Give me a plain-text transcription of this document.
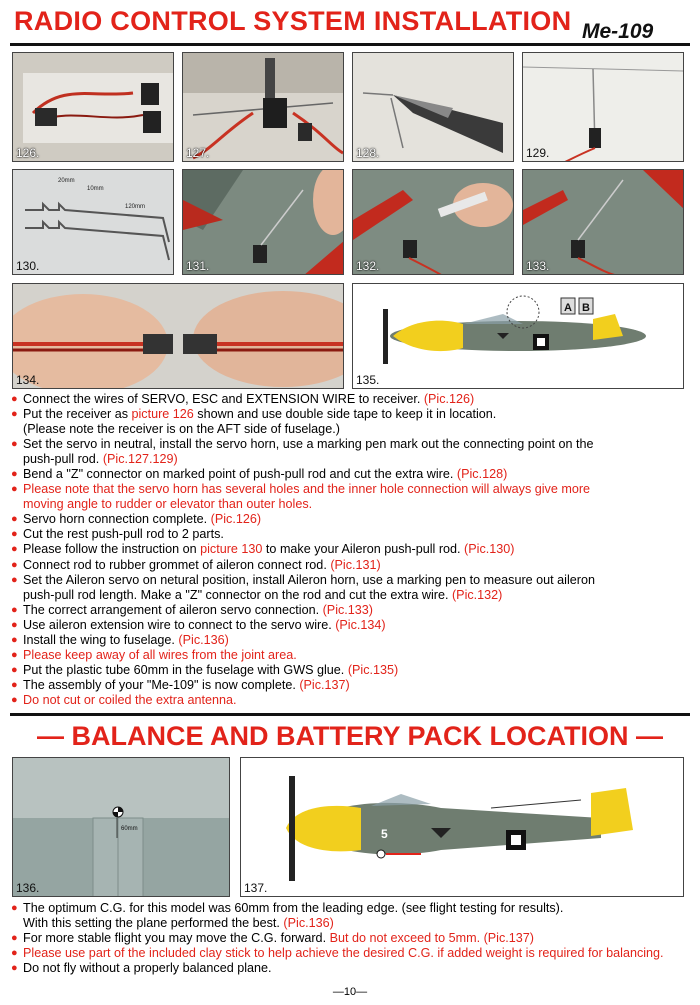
RADIO CONTROL SYSTEM INSTALLATION Me-109
126.	127.	128.	129.
20mm
10mm
120mm
130.	131.	132.	133.
134.
A B
135.
● Connect the wires of SERVO, ESC and EXTENSION WIRE to receiver. (Pic.126)
● Put the receiver as picture 126 shown and use double side tape to keep it in location.
(Please note the receiver is on the AFT side of fuselage.)
● Set the servo in neutral, install the servo horn, use a marking pen mark out the connecting point on the
push-pull rod. (Pic.127.129)
● Bend a "Z" connector on marked point of push-pull rod and cut the extra wire. (Pic.128)
● Please note that the servo horn has several holes and the inner hole connection will always give more
moving angle to rudder or elevator than outer holes.
● Servo horn connection complete. (Pic.126)
● Cut the rest push-pull rod to 2 parts.
● Please follow the instruction on picture 130 to make your Aileron push-pull rod. (Pic.130)
● Connect rod to rubber grommet of aileron connect rod. (Pic.131)
● Set the Aileron servo on netural position, install Aileron horn, use a marking pen to measure out aileron
push-pull rod length. Make a "Z" connector on the rod and cut the extra wire. (Pic.132)
● The correct arrangement of aileron servo connection. (Pic.133)
● Use aileron extension wire to connect to the servo wire. (Pic.134)
● Install the wing to fuselage. (Pic.136)
● Please keep away of all wires from the joint area.
● Put the plastic tube 60mm in the fuselage with GWS glue. (Pic.135)
● The assembly of your "Me-109" is now complete. (Pic.137)
● Do not cut or coiled the extra antenna.
— BALANCE AND BATTERY PACK LOCATION —
60mm
136.
5
137.
● The optimum C.G. for this model was 60mm from the leading edge. (see flight testing for results).
With this setting the plane performed the best. (Pic.136)
● For more stable flight you may move the C.G. forward. But do not exceed to 5mm. (Pic.137)
● Please use part of the included clay stick to help achieve the desired C.G. if added weight is required for balancing.
● Do not fly without a properly balanced plane.
—10—
